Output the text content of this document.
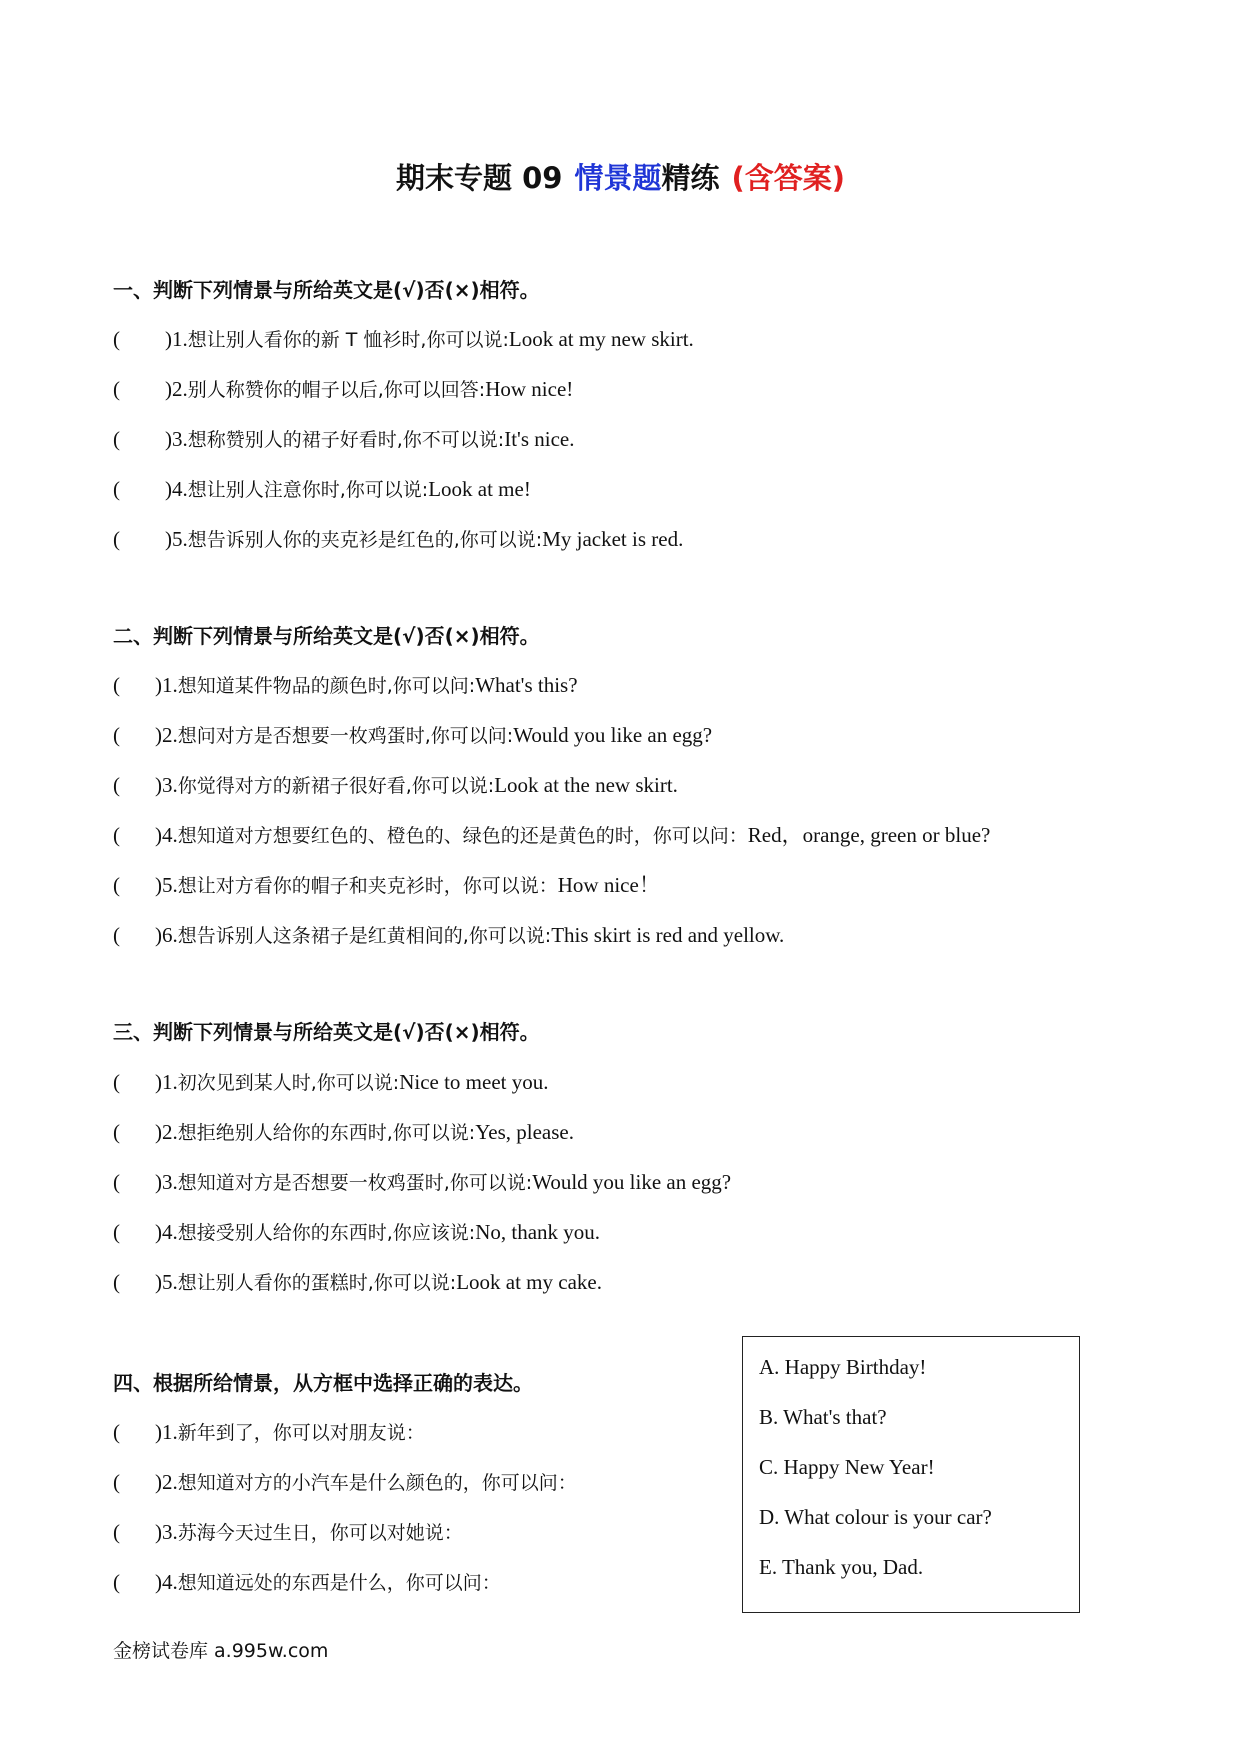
期末专题 09 情景题精练 (含答案)
一、判断下列情景与所给英文是(√)否(×)相符。
( )1.想让别人看你的新 T 恤衫时,你可以说:Look at my new skirt.
( )2.别人称赞你的帽子以后,你可以回答:How nice!
( )3.想称赞别人的裙子好看时,你不可以说:It's nice.
( )4.想让别人注意你时,你可以说:Look at me!
( )5.想告诉别人你的夹克衫是红色的,你可以说:My jacket is red.
二、判断下列情景与所给英文是(√)否(×)相符。
( )1.想知道某件物品的颜色时,你可以问:What's this?
( )2.想问对方是否想要一枚鸡蛋时,你可以问:Would you like an egg?
( )3.你觉得对方的新裙子很好看,你可以说:Look at the new skirt.
( )4.想知道对方想要红色的、橙色的、绿色的还是黄色的时，你可以问：Red，orange, green or blue?
( )5.想让对方看你的帽子和夹克衫时，你可以说：How nice！
( )6.想告诉别人这条裙子是红黄相间的,你可以说:This skirt is red and yellow.
三、判断下列情景与所给英文是(√)否(×)相符。
( )1.初次见到某人时,你可以说:Nice to meet you.
( )2.想拒绝别人给你的东西时,你可以说:Yes, please.
( )3.想知道对方是否想要一枚鸡蛋时,你可以说:Would you like an egg?
( )4.想接受别人给你的东西时,你应该说:No, thank you.
( )5.想让别人看你的蛋糕时,你可以说:Look at my cake.
四、根据所给情景，从方框中选择正确的表达。
( )1.新年到了，你可以对朋友说：
( )2.想知道对方的小汽车是什么颜色的，你可以问：
( )3.苏海今天过生日，你可以对她说：
( )4.想知道远处的东西是什么，你可以问：
A. Happy Birthday!
B. What's that?
C. Happy New Year!
D. What colour is your car?
E. Thank you, Dad.
金榜试卷库 a.995w.com
